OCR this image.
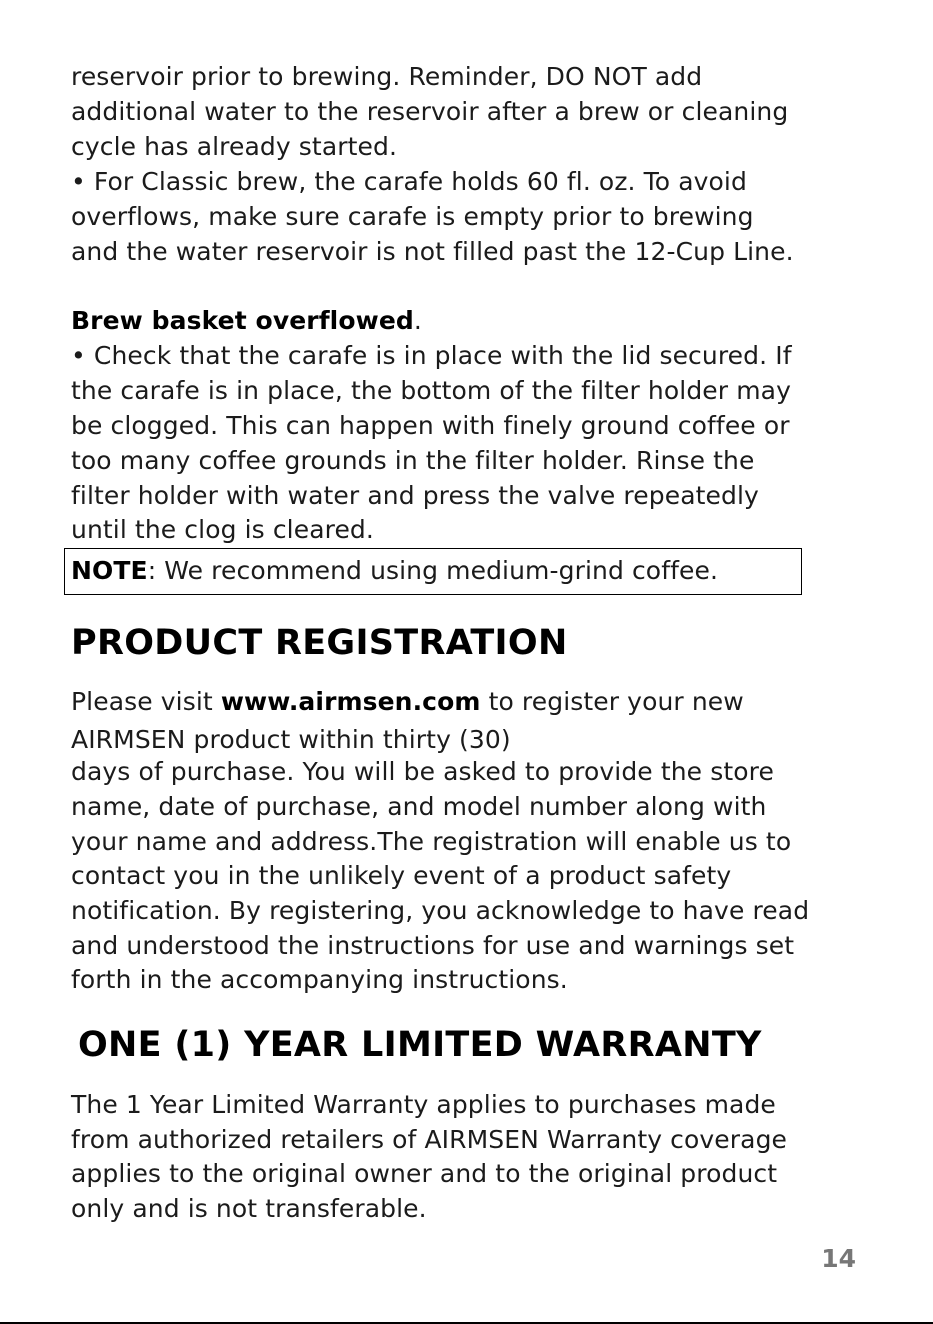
reservoir prior to brewing. Reminder, DO NOT add
additional water to the reservoir after a brew or cleaning
cycle has already started.
• For Classic brew, the carafe holds 60 fl. oz. To avoid
overflows, make sure carafe is empty prior to brewing
and the water reservoir is not filled past the 12-Cup Line.
Brew basket overflowed.
• Check that the carafe is in place with the lid secured. If
the carafe is in place, the bottom of the filter holder may
be clogged. This can happen with finely ground coffee or
too many coffee grounds in the filter holder. Rinse the
filter holder with water and press the valve repeatedly
until the clog is cleared.
NOTE: We recommend using medium-grind coffee.
PRODUCT REGISTRATION
Please visit www.airmsen.com to register your new
AIRMSEN product within thirty (30)
days of purchase. You will be asked to provide the store
name, date of purchase, and model number along with
your name and address.The registration will enable us to
contact you in the unlikely event of a product safety
notification. By registering, you acknowledge to have read
and understood the instructions for use and warnings set
forth in the accompanying instructions.
ONE (1) YEAR LIMITED WARRANTY
The 1 Year Limited Warranty applies to purchases made
from authorized retailers of AIRMSEN Warranty coverage
applies to the original owner and to the original product
only and is not transferable.
14
